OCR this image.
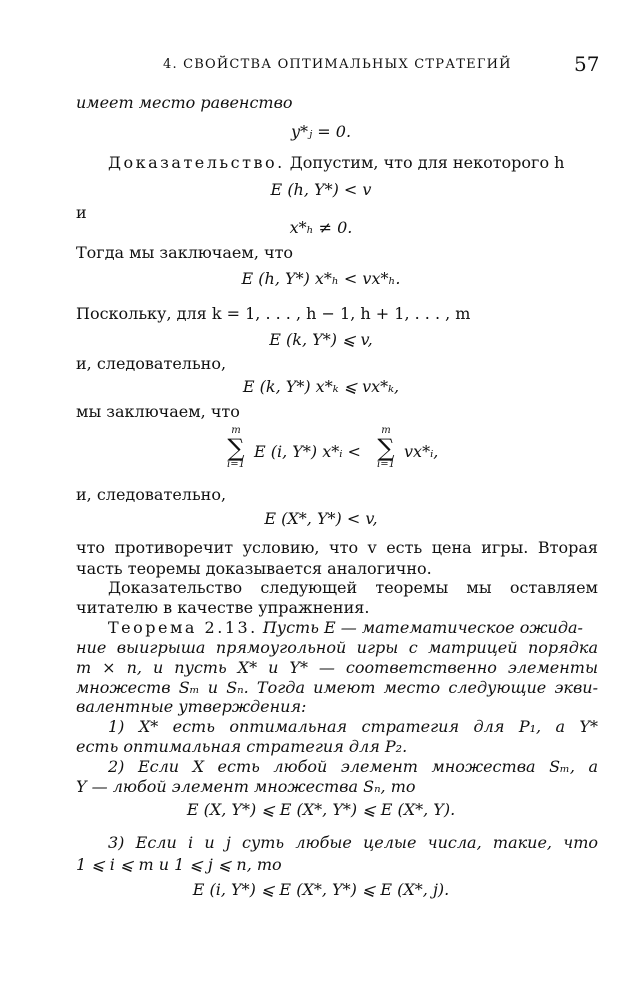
4. СВОЙСТВА ОПТИМАЛЬНЫХ СТРАТЕГИЙ	57
имеет место равенство
y*ⱼ = 0.
Доказательство. Допустим, что для некоторого h
E (h, Y*) < v
и
x*ₕ ≠ 0.
Тогда мы заключаем, что
E (h, Y*) x*ₕ < vx*ₕ.
Поскольку, для k = 1, . . . , h − 1, h + 1, . . . , m
E (k, Y*) ⩽ v,
и, следовательно,
E (k, Y*) x*ₖ ⩽ vx*ₖ,
мы заключаем, что
m
∑
i=1
E (i, Y*) x*ᵢ <
m
∑
i=1
vx*ᵢ,
и, следовательно,
E (X*, Y*) < v,
что противоречит условию, что v есть цена игры. Вторая
часть теоремы доказывается аналогично.
Доказательство следующей теоремы мы оставляем
читателю в качестве упражнения.
Теорема 2.13. Пусть E — математическое ожида-
ние выигрыша прямоугольной игры с матрицей порядка
m × n, и пусть X* и Y* — соответственно элементы
множеств Sₘ и Sₙ. Тогда имеют место следующие экви-
валентные утверждения:
1) X* есть оптимальная стратегия для P₁, а Y*
есть оптимальная стратегия для P₂.
2) Если X есть любой элемент множества Sₘ, а
Y — любой элемент множества Sₙ, то
E (X, Y*) ⩽ E (X*, Y*) ⩽ E (X*, Y).
3) Если i и j суть любые целые числа, такие, что
1 ⩽ i ⩽ m и 1 ⩽ j ⩽ n, то
E (i, Y*) ⩽ E (X*, Y*) ⩽ E (X*, j).
